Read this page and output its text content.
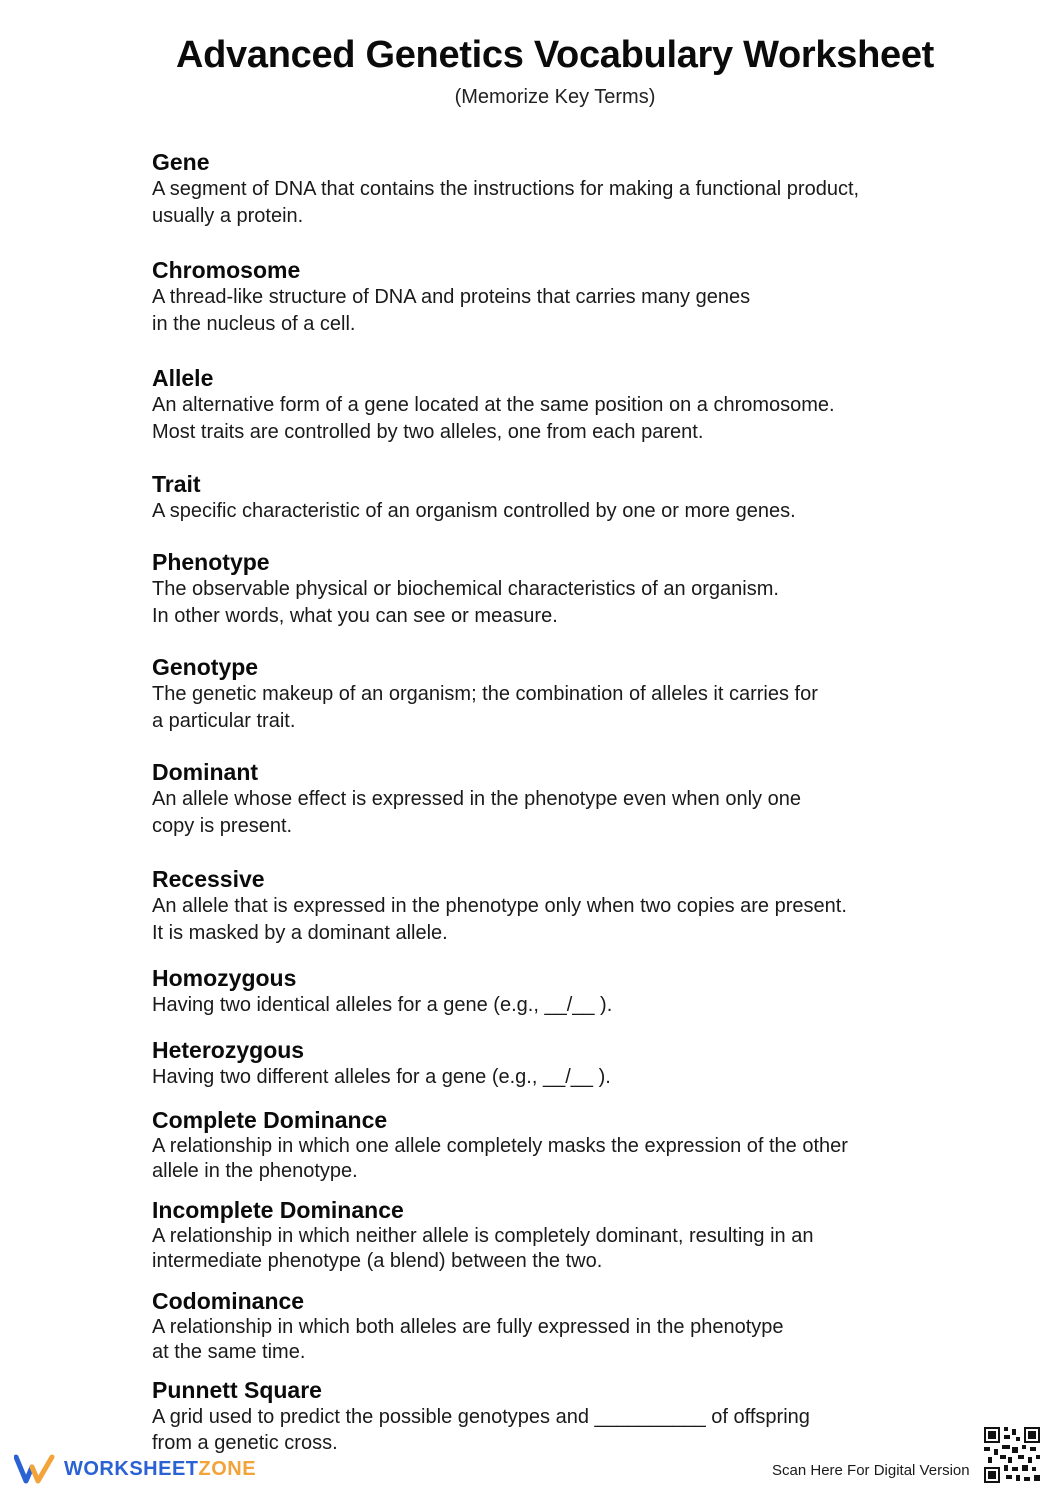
Advanced Genetics Vocabulary Worksheet
(Memorize Key Terms)

Gene

A segment of DNA that contains the instructions for making a functional product,

usually a protein.

Chromosome

A thread-like structure of DNA and proteins that carries many genes

in the nucleus of a cell.

Allele

An alternative form of a gene located at the same position on a chromosome.

Most traits are controlled by two alleles, one from each parent.

Trait

A specific characteristic of an organism controlled by one or more genes.

Phenotype

The observable physical or biochemical characteristics of an organism.

In other words, what you can see or measure.

Genotype

The genetic makeup of an organism; the combination of alleles it carries for

a particular trait.

Dominant

An allele whose effect is expressed in the phenotype even when only one

copy is present.

Recessive

An allele that is expressed in the phenotype only when two copies are present.

It is masked by a dominant allele.

Homozygous

Having two identical alleles for a gene (e.g., __/__ ).

Heterozygous

Having two different alleles for a gene (e.g., __/__ ).

Complete Dominance

A relationship in which one allele completely masks the expression of the other

allele in the phenotype.

Incomplete Dominance

A relationship in which neither allele is completely dominant, resulting in an

intermediate phenotype (a blend) between the two.

Codominance

A relationship in which both alleles are fully expressed in the phenotype

at the same time.

Punnett Square

A grid used to predict the possible genotypes and __________ of offspring

from a genetic cross.

WORKSHEETZONE	Scan Here For Digital Version
